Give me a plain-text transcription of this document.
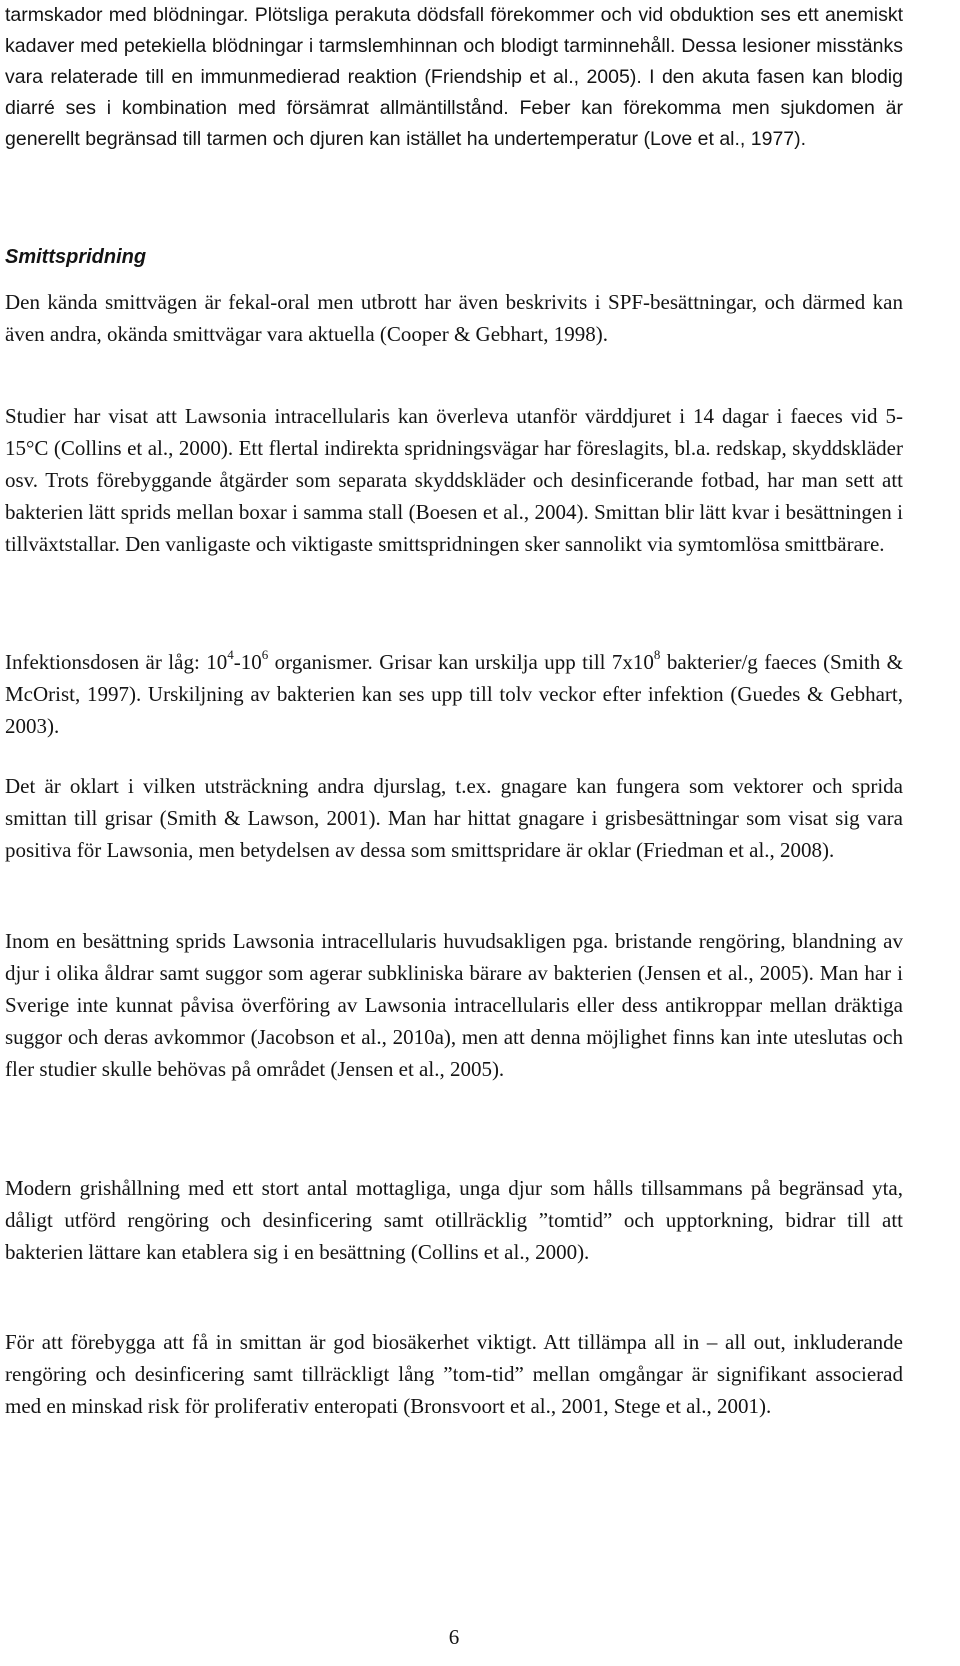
tarmskador med blödningar. Plötsliga perakuta dödsfall förekommer och vid obduktion ses ett anemiskt kadaver med petekiella blödningar i tarmslemhinnan och blodigt tarminnehåll. Dessa lesioner misstänks vara relaterade till en immunmedierad reaktion (Friendship et al., 2005). I den akuta fasen kan blodig diarré ses i kombination med försämrat allmäntillstånd. Feber kan förekomma men sjukdomen är generellt begränsad till tarmen och djuren kan istället ha undertemperatur (Love et al., 1977).

Smittspridning

Den kända smittvägen är fekal-oral men utbrott har även beskrivits i SPF-besättningar, och därmed kan även andra, okända smittvägar vara aktuella (Cooper & Gebhart, 1998).

Studier har visat att Lawsonia intracellularis kan överleva utanför värddjuret i 14 dagar i faeces vid 5-15°C (Collins et al., 2000). Ett flertal indirekta spridningsvägar har föreslagits, bl.a. redskap, skyddskläder osv. Trots förebyggande åtgärder som separata skyddskläder och desinficerande fotbad, har man sett att bakterien lätt sprids mellan boxar i samma stall (Boesen et al., 2004). Smittan blir lätt kvar i besättningen i tillväxtstallar. Den vanligaste och viktigaste smittspridningen sker sannolikt via symtomlösa smittbärare.

Infektionsdosen är låg: $10^4-10^6$ organismer. Grisar kan urskilja upp till $7x10^8$ bakterier/g faeces (Smith & McOrist, 1997). Urskiljning av bakterien kan ses upp till tolv veckor efter infektion (Guedes & Gebhart, 2003).

Det är oklart i vilken utsträckning andra djurslag, t.ex. gnagare kan fungera som vektorer och sprida smittan till grisar (Smith & Lawson, 2001). Man har hittat gnagare i grisbesättningar som visat sig vara positiva för Lawsonia, men betydelsen av dessa som smittspridare är oklar (Friedman et al., 2008).

Inom en besättning sprids Lawsonia intracellularis huvudsakligen pga. bristande rengöring, blandning av djur i olika åldrar samt suggor som agerar subkliniska bärare av bakterien (Jensen et al., 2005). Man har i Sverige inte kunnat påvisa överföring av Lawsonia intracellularis eller dess antikroppar mellan dräktiga suggor och deras avkommor (Jacobson et al., 2010a), men att denna möjlighet finns kan inte uteslutas och fler studier skulle behövas på området (Jensen et al., 2005).

Modern grishållning med ett stort antal mottagliga, unga djur som hålls tillsammans på begränsad yta, dåligt utförd rengöring och desinficering samt otillräcklig ”tomtid” och upptorkning, bidrar till att bakterien lättare kan etablera sig i en besättning (Collins et al., 2000).

För att förebygga att få in smittan är god biosäkerhet viktigt. Att tillämpa all in – all out, inkluderande rengöring och desinficering samt tillräckligt lång ”tom-tid” mellan omgångar är signifikant associerad med en minskad risk för proliferativ enteropati (Bronsvoort et al., 2001, Stege et al., 2001).

6
